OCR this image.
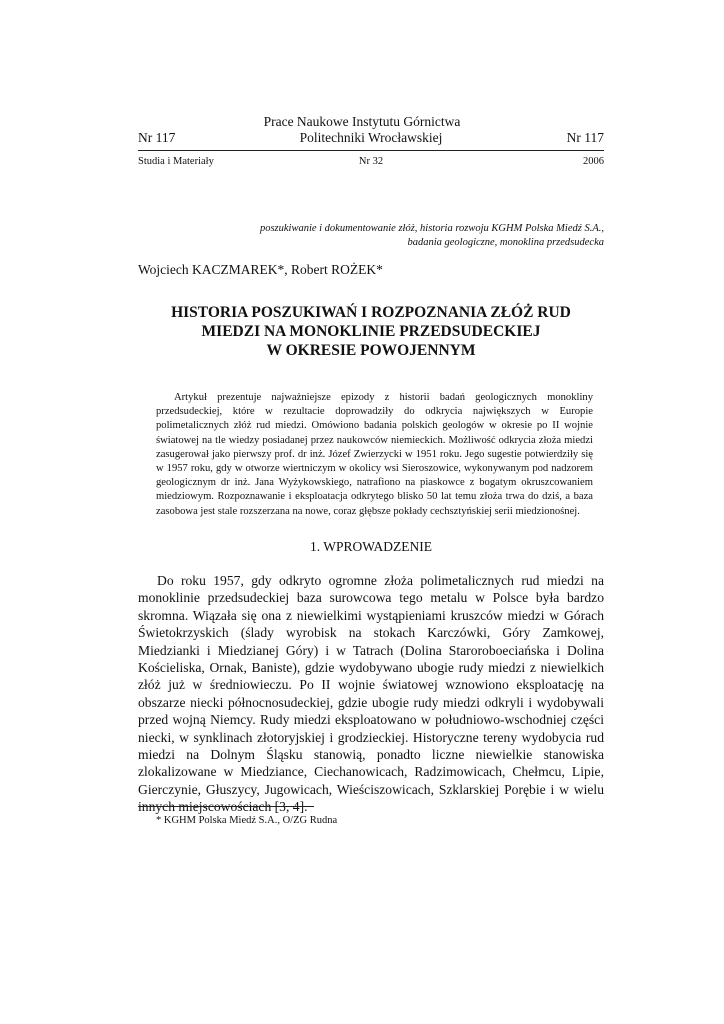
Prace Naukowe Instytutu Górnictwa
Nr 117	Politechniki Wrocławskiej	Nr 117
Studia i Materiały	Nr 32	2006
poszukiwanie i dokumentowanie złóż, historia rozwoju KGHM Polska Miedź S.A.,
badania geologiczne, monoklina przedsudecka
Wojciech KACZMAREK*, Robert ROŻEK*
HISTORIA POSZUKIWAŃ I ROZPOZNANIA ZŁÓŻ RUD
MIEDZI NA MONOKLINIE PRZEDSUDECKIEJ
W OKRESIE POWOJENNYM
Artykuł prezentuje najważniejsze epizody z historii badań geologicznych monokliny przedsudeckiej, które w rezultacie doprowadziły do odkrycia największych w Europie polimetalicznych złóż rud miedzi. Omówiono badania polskich geologów w okresie po II wojnie światowej na tle wiedzy posiadanej przez naukowców niemieckich. Możliwość odkrycia złoża miedzi zasugerował jako pierwszy prof. dr inż. Józef Zwierzycki w 1951 roku. Jego sugestie potwierdziły się w 1957 roku, gdy w otworze wiertniczym w okolicy wsi Sieroszowice, wykonywanym pod nadzorem geologicznym dr inż. Jana Wyżykowskiego, natrafiono na piaskowce z bogatym okruszcowaniem miedziowym. Rozpoznawanie i eksploatacja odkrytego blisko 50 lat temu złoża trwa do dziś, a baza zasobowa jest stale rozszerzana na nowe, coraz głębsze pokłady cechsztyńskiej serii miedzionośnej.
1. WPROWADZENIE
Do roku 1957, gdy odkryto ogromne złoża polimetalicznych rud miedzi na monoklinie przedsudeckiej baza surowcowa tego metalu w Polsce była bardzo skromna. Wiązała się ona z niewielkimi wystąpieniami kruszców miedzi w Górach Świetokrzyskich (ślady wyrobisk na stokach Karczówki, Góry Zamkowej, Miedzianki i Miedzianej Góry) i w Tatrach (Dolina Staroroboeciańska i Dolina Kościeliska, Ornak, Baniste), gdzie wydobywano ubogie rudy miedzi z niewielkich złóż już w średniowieczu. Po II wojnie światowej wznowiono eksploatację na obszarze niecki północnosudeckiej, gdzie ubogie rudy miedzi odkryli i wydobywali przed wojną Niemcy. Rudy miedzi eksploatowano w południowo-wschodniej części niecki, w synklinach złotoryjskiej i grodzieckiej. Historyczne tereny wydobycia rud miedzi na Dolnym Śląsku stanowią, ponadto liczne niewielkie stanowiska zlokalizowane w Miedziance, Ciechanowicach, Radzimowicach, Chełmcu, Lipie, Gierczynie, Głuszycy, Jugowicach, Wieściszowicach, Szklarskiej Porębie i w wielu innych miejscowościach [3, 4].
* KGHM Polska Miedź S.A., O/ZG Rudna
